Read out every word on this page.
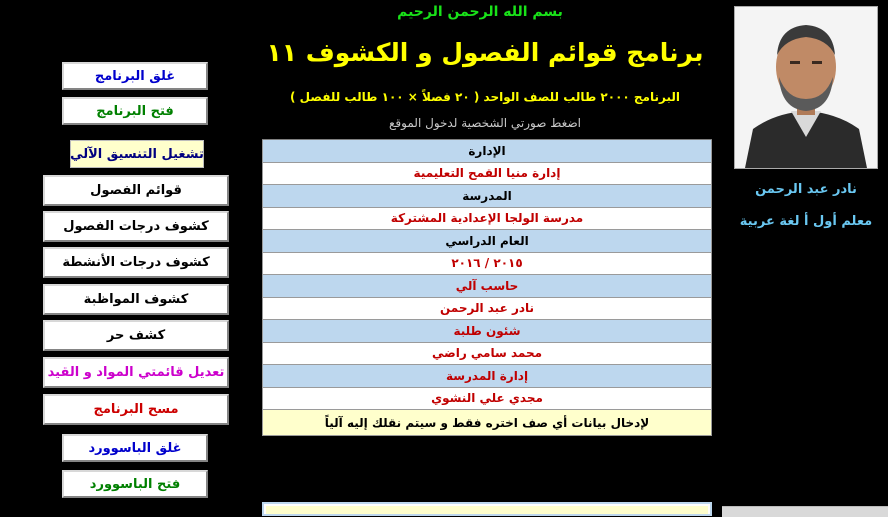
بسم الله الرحمن الرحيم
برنامج قوائم الفصول و الكشوف ١١
البرنامج ٢٠٠٠ طالب للصف الواحد ( ٢٠ فصلاً × ١٠٠ طالب للفصل )
اضغط صورتي الشخصية لدخول الموقع
نادر عبد الرحمن
معلم أول أ لغة عربية
غلق البرنامج
فتح البرنامج
تشغيل التنسيق الآلي
قوائم الفصول
كشوف درجات الفصول
كشوف درجات الأنشطة
كشوف المواظبة
كشف حر
تعديل قائمتي المواد و القيد
مسح البرنامج
غلق الباسوورد
فتح الباسوورد
الإدارة
إدارة منيا القمح التعليمية
المدرسة
مدرسة الولجا الإعدادية المشتركة
العام الدراسي
٢٠١٥ / ٢٠١٦
حاسب آلي
نادر عبد الرحمن
شئون طلبة
محمد سامي راضي
إدارة المدرسة
مجدي علي النشوي
لإدخال بيانات أي صف اختره فقط و سيتم نقلك إليه آلياً
